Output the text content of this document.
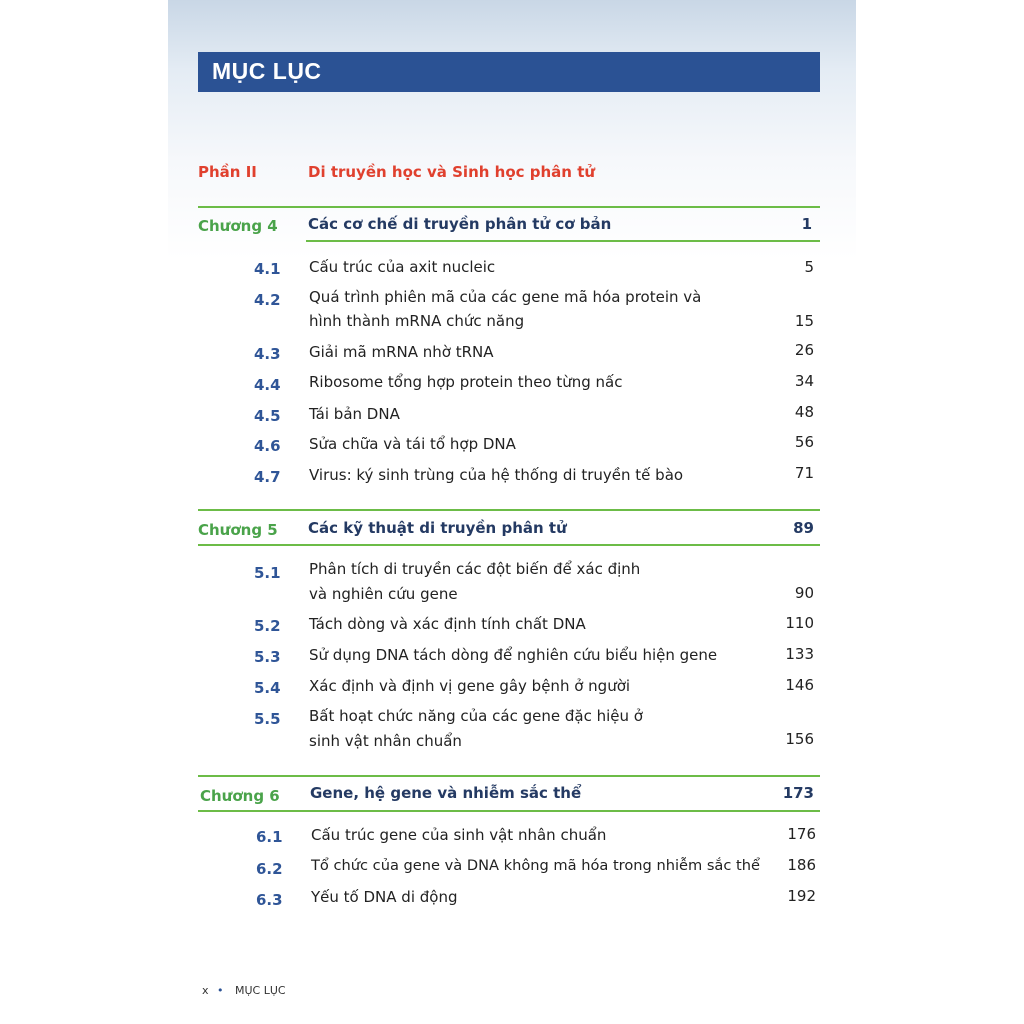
MỤC LỤC
Phần II	Di truyền học và Sinh học phân tử
Chương 4 Các cơ chế di truyền phân tử cơ bản	1
4.1 Cấu trúc của axit nucleic	5
4.2 Quá trình phiên mã của các gene mã hóa protein và
hình thành mRNA chức năng	15
4.3 Giải mã mRNA nhờ tRNA	26
4.4 Ribosome tổng hợp protein theo từng nấc	34
4.5 Tái bản DNA	48
4.6 Sửa chữa và tái tổ hợp DNA	56
4.7 Virus: ký sinh trùng của hệ thống di truyền tế bào	71
Chương 5 Các kỹ thuật di truyền phân tử	89
5.1 Phân tích di truyền các đột biến để xác định
và nghiên cứu gene	90
5.2 Tách dòng và xác định tính chất DNA	110
5.3 Sử dụng DNA tách dòng để nghiên cứu biểu hiện gene	133
5.4 Xác định và định vị gene gây bệnh ở người	146
5.5 Bất hoạt chức năng của các gene đặc hiệu ở
sinh vật nhân chuẩn	156
Chương 6 Gene, hệ gene và nhiễm sắc thể	173
6.1 Cấu trúc gene của sinh vật nhân chuẩn	176
6.2 Tổ chức của gene và DNA không mã hóa trong nhiễm sắc thể	186
6.3 Yếu tố DNA di động	192
x • MỤC LỤC
